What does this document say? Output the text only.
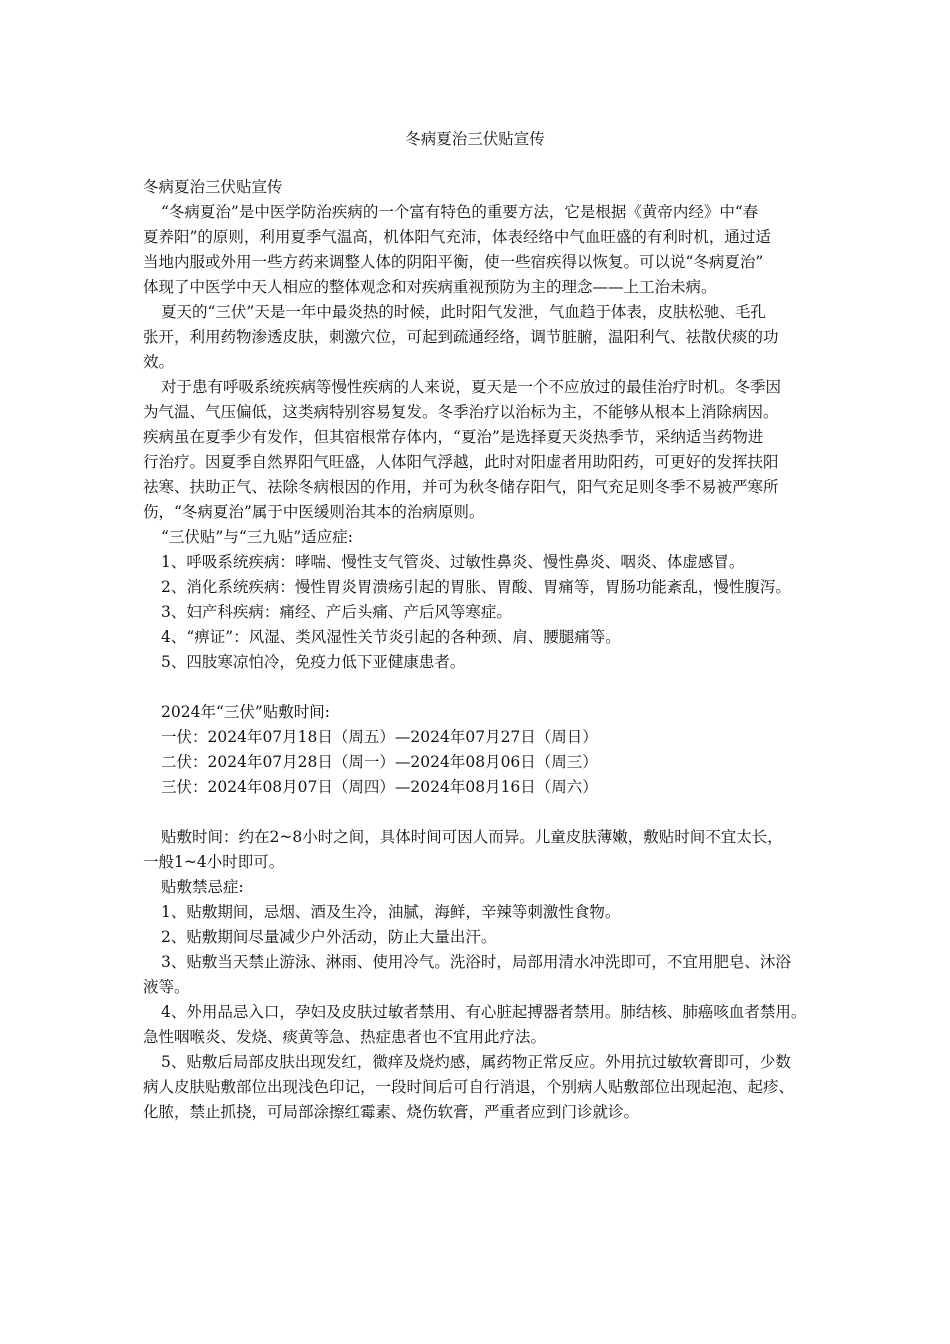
冬病夏治三伏贴宣传
冬病夏治三伏贴宣传
“冬病夏治”是中医学防治疾病的一个富有特色的重要方法，它是根据《黄帝内经》中“春
夏养阳”的原则，利用夏季气温高，机体阳气充沛，体表经络中气血旺盛的有利时机，通过适
当地内服或外用一些方药来调整人体的阴阳平衡，使一些宿疾得以恢复。可以说“冬病夏治”
体现了中医学中天人相应的整体观念和对疾病重视预防为主的理念——上工治未病。
夏天的“三伏”天是一年中最炎热的时候，此时阳气发泄，气血趋于体表，皮肤松驰、毛孔
张开，利用药物渗透皮肤，刺激穴位，可起到疏通经络，调节脏腑，温阳利气、祛散伏痰的功
效。
对于患有呼吸系统疾病等慢性疾病的人来说，夏天是一个不应放过的最佳治疗时机。冬季因
为气温、气压偏低，这类病特别容易复发。冬季治疗以治标为主，不能够从根本上消除病因。
疾病虽在夏季少有发作，但其宿根常存体内，“夏治”是选择夏天炎热季节，采纳适当药物进
行治疗。因夏季自然界阳气旺盛，人体阳气浮越，此时对阳虚者用助阳药，可更好的发挥扶阳
祛寒、扶助正气、祛除冬病根因的作用，并可为秋冬储存阳气，阳气充足则冬季不易被严寒所
伤，“冬病夏治”属于中医缓则治其本的治病原则。
“三伏贴”与“三九贴”适应症:
1、呼吸系统疾病：哮喘、慢性支气管炎、过敏性鼻炎、慢性鼻炎、咽炎、体虚感冒。
2、消化系统疾病：慢性胃炎胃溃疡引起的胃胀、胃酸、胃痛等，胃肠功能紊乱，慢性腹泻。
3、妇产科疾病：痛经、产后头痛、产后风等寒症。
4、“痹证”：风湿、类风湿性关节炎引起的各种颈、肩、腰腿痛等。
5、四肢寒凉怕冷，免疫力低下亚健康患者。
2024年“三伏”贴敷时间:
一伏：2024年07月18日（周五）—2024年07月27日（周日）
二伏：2024年07月28日（周一）—2024年08月06日（周三）
三伏：2024年08月07日（周四）—2024年08月16日（周六）
贴敷时间：约在2~8小时之间，具体时间可因人而异。儿童皮肤薄嫩，敷贴时间不宜太长，
一般1~4小时即可。
贴敷禁忌症:
1、贴敷期间，忌烟、酒及生冷，油腻，海鲜，辛辣等刺激性食物。
2、贴敷期间尽量减少户外活动，防止大量出汗。
3、贴敷当天禁止游泳、淋雨、使用冷气。洗浴时，局部用清水冲洗即可，不宜用肥皂、沐浴
液等。
4、外用品忌入口，孕妇及皮肤过敏者禁用、有心脏起搏器者禁用。肺结核、肺癌咳血者禁用。
急性咽喉炎、发烧、痰黄等急、热症患者也不宜用此疗法。
5、贴敷后局部皮肤出现发红，微痒及烧灼感，属药物正常反应。外用抗过敏软膏即可，少数
病人皮肤贴敷部位出现浅色印记，一段时间后可自行消退，个别病人贴敷部位出现起泡、起疹、
化脓，禁止抓挠，可局部涂擦红霉素、烧伤软膏，严重者应到门诊就诊。
